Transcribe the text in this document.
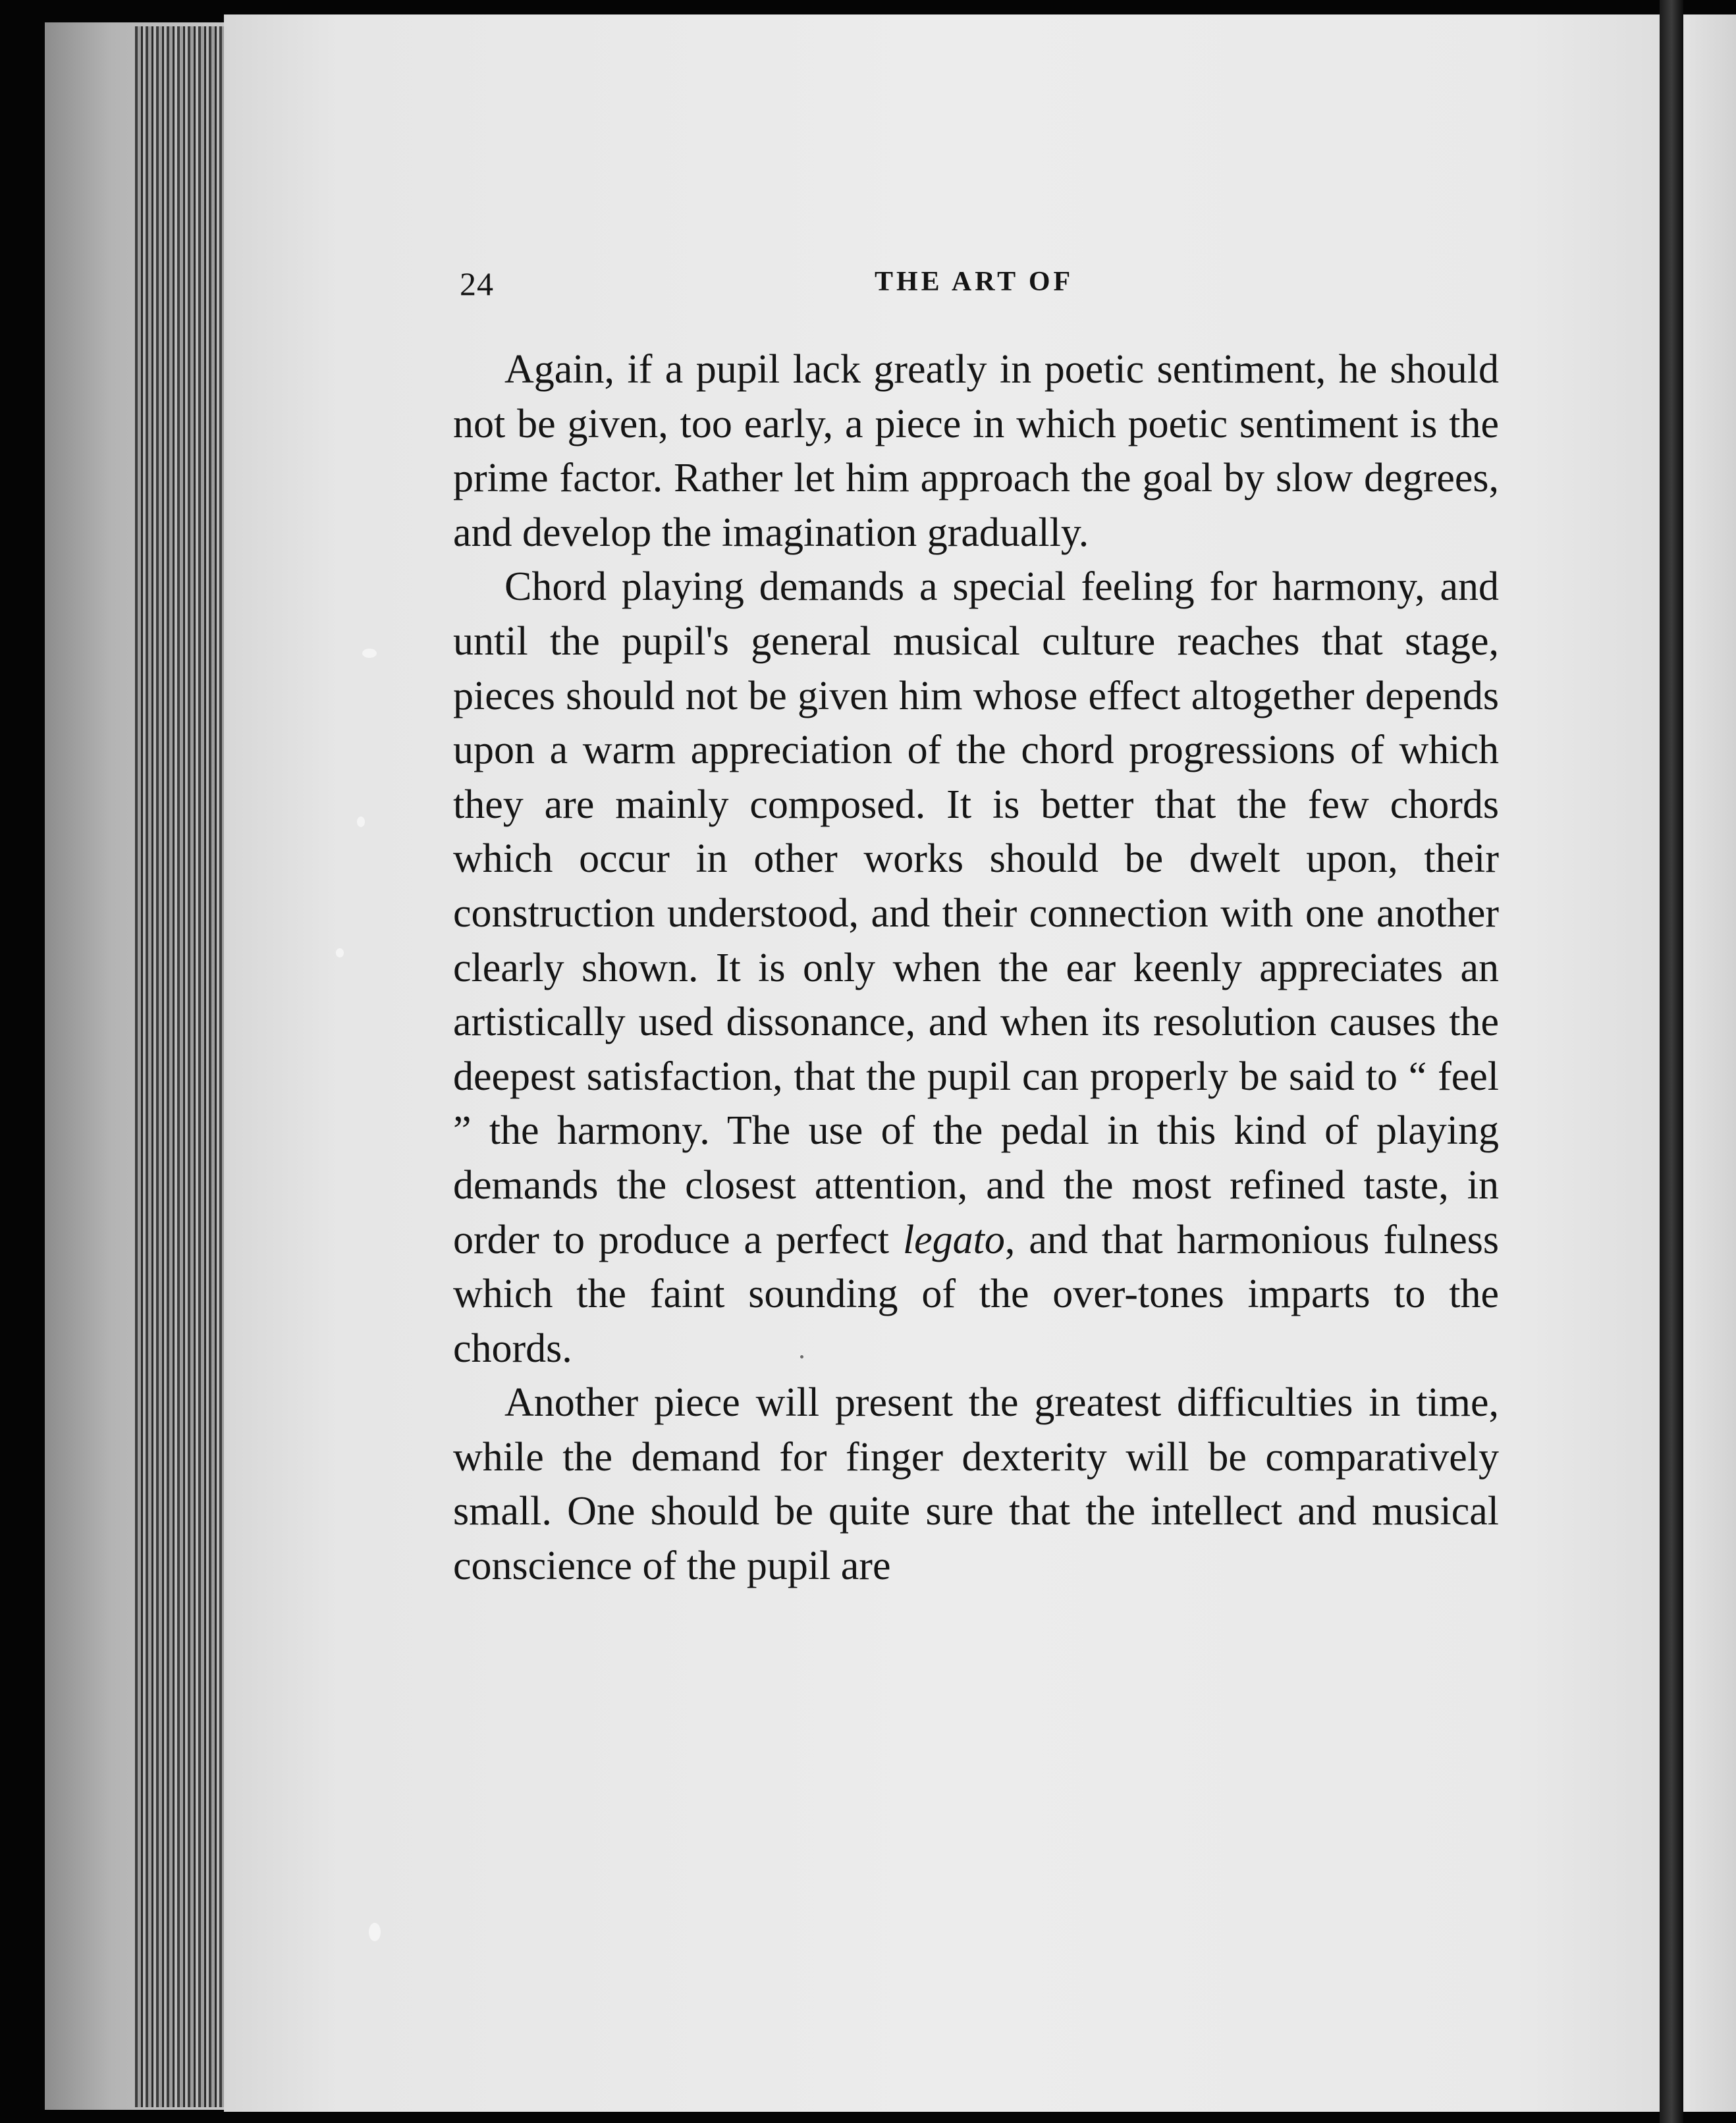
24	THE ART OF

Again, if a pupil lack greatly in poetic sentiment, he should not be given, too early, a piece in which poetic sentiment is the prime factor. Rather let him approach the goal by slow degrees, and develop the imagination gradually.

Chord playing demands a special feeling for harmony, and until the pupil's general musical culture reaches that stage, pieces should not be given him whose effect altogether depends upon a warm appreciation of the chord progressions of which they are mainly composed. It is better that the few chords which occur in other works should be dwelt upon, their construction understood, and their connection with one another clearly shown. It is only when the ear keenly appreciates an artistically used dissonance, and when its resolution causes the deepest satisfaction, that the pupil can properly be said to “ feel ” the harmony. The use of the pedal in this kind of playing demands the closest attention, and the most refined taste, in order to produce a perfect legato, and that harmonious fulness which the faint sounding of the over-tones imparts to the chords.

Another piece will present the greatest difficulties in time, while the demand for finger dexterity will be comparatively small. One should be quite sure that the intellect and musical conscience of the pupil are
